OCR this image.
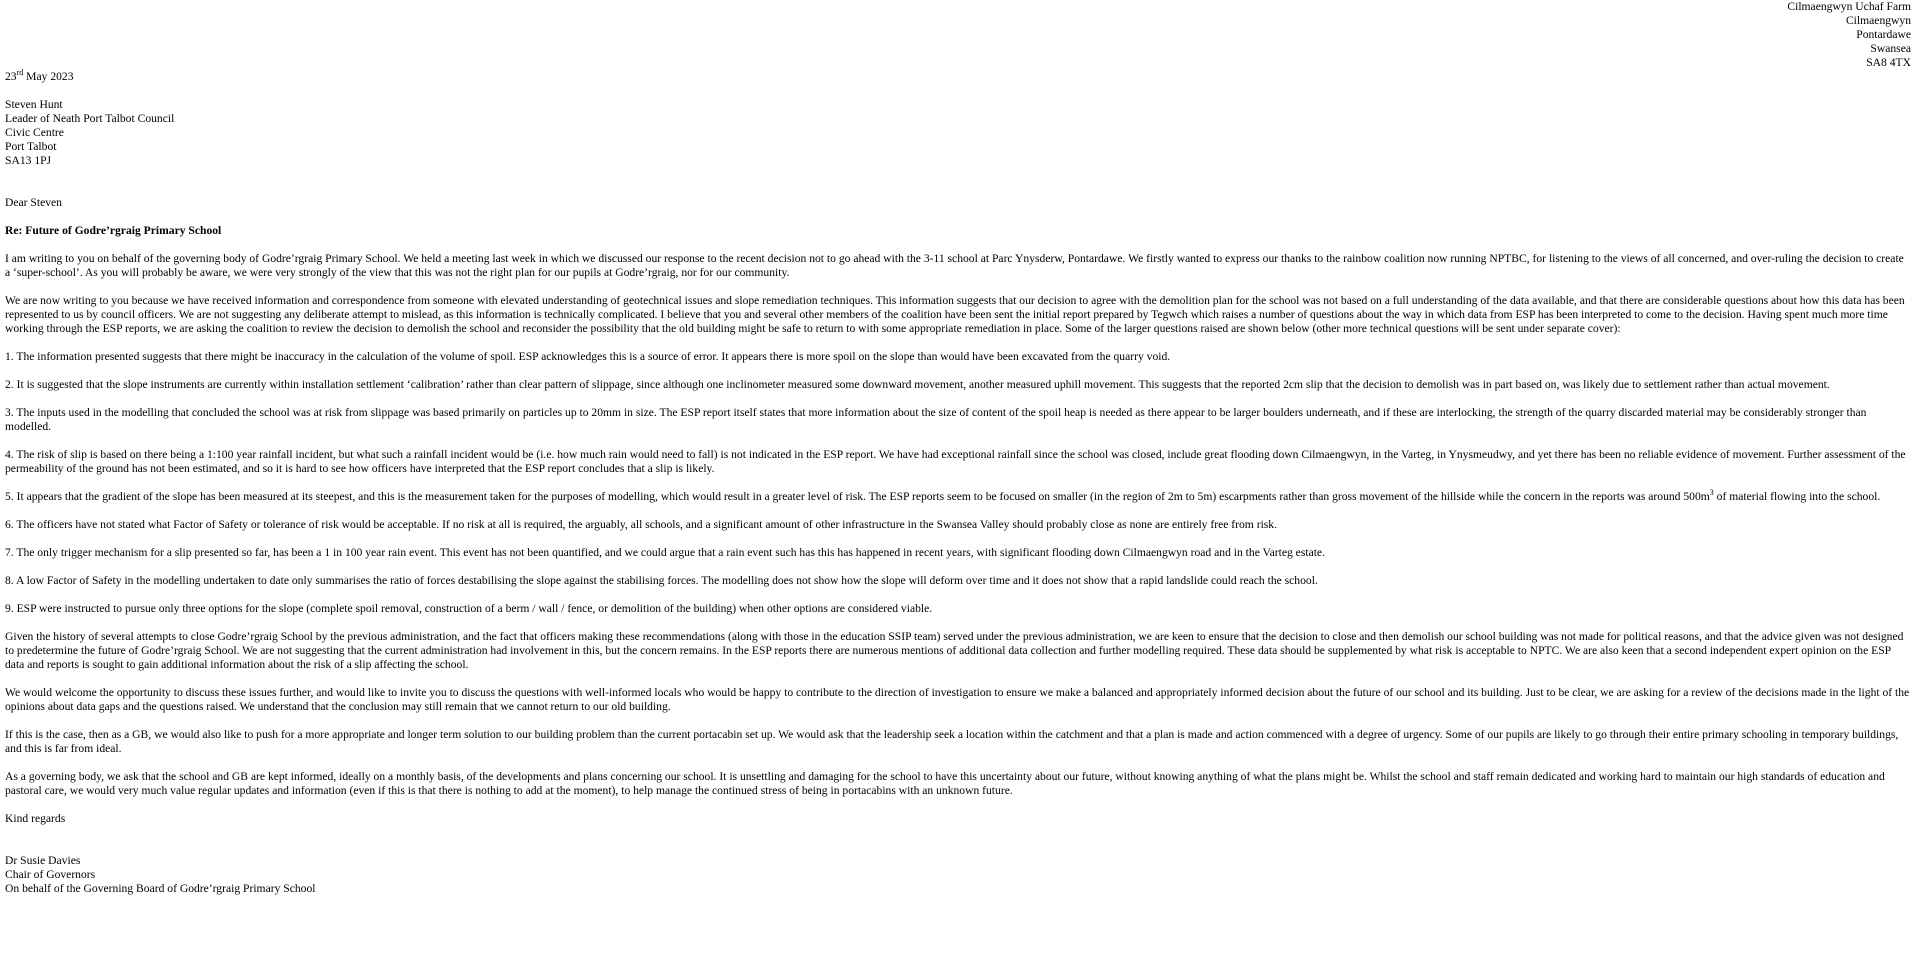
Cilmaengwyn Uchaf Farm
Cilmaengwyn
Pontardawe
Swansea
SA8 4TX
23rd May 2023
Steven Hunt
Leader of Neath Port Talbot Council
Civic Centre
Port Talbot
SA13 1PJ
Dear Steven
Re: Future of Godre’rgraig Primary School

I am writing to you on behalf of the governing body of Godre’rgraig Primary School. We held a meeting last week in which we discussed our response to the recent decision not to go ahead with the 3-11 school at Parc Ynysderw, Pontardawe. We firstly wanted to express our thanks to the rainbow coalition now running NPTBC, for listening to the views of all concerned, and over-ruling the decision to create a ‘super-school’. As you will probably be aware, we were very strongly of the view that this was not the right plan for our pupils at Godre’rgraig, nor for our community.

We are now writing to you because we have received information and correspondence from someone with elevated understanding of geotechnical issues and slope remediation techniques. This information suggests that our decision to agree with the demolition plan for the school was not based on a full understanding of the data available, and that there are considerable questions about how this data has been represented to us by council officers. We are not suggesting any deliberate attempt to mislead, as this information is technically complicated. I believe that you and several other members of the coalition have been sent the initial report prepared by Tegwch which raises a number of questions about the way in which data from ESP has been interpreted to come to the decision. Having spent much more time working through the ESP reports, we are asking the coalition to review the decision to demolish the school and reconsider the possibility that the old building might be safe to return to with some appropriate remediation in place. Some of the larger questions raised are shown below (other more technical questions will be sent under separate cover):

1. The information presented suggests that there might be inaccuracy in the calculation of the volume of spoil. ESP acknowledges this is a source of error. It appears there is more spoil on the slope than would have been excavated from the quarry void.

2. It is suggested that the slope instruments are currently within installation settlement ‘calibration’ rather than clear pattern of slippage, since although one inclinometer measured some downward movement, another measured uphill movement. This suggests that the reported 2cm slip that the decision to demolish was in part based on, was likely due to settlement rather than actual movement.

3. The inputs used in the modelling that concluded the school was at risk from slippage was based primarily on particles up to 20mm in size. The ESP report itself states that more information about the size of content of the spoil heap is needed as there appear to be larger boulders underneath, and if these are interlocking, the strength of the quarry discarded material may be considerably stronger than modelled.

4. The risk of slip is based on there being a 1:100 year rainfall incident, but what such a rainfall incident would be (i.e. how much rain would need to fall) is not indicated in the ESP report. We have had exceptional rainfall since the school was closed, include great flooding down Cilmaengwyn, in the Varteg, in Ynysmeudwy, and yet there has been no reliable evidence of movement. Further assessment of the permeability of the ground has not been estimated, and so it is hard to see how officers have interpreted that the ESP report concludes that a slip is likely.

5. It appears that the gradient of the slope has been measured at its steepest, and this is the measurement taken for the purposes of modelling, which would result in a greater level of risk. The ESP reports seem to be focused on smaller (in the region of 2m to 5m) escarpments rather than gross movement of the hillside while the concern in the reports was around $500m^3$ of material flowing into the school.

6. The officers have not stated what Factor of Safety or tolerance of risk would be acceptable. If no risk at all is required, the arguably, all schools, and a significant amount of other infrastructure in the Swansea Valley should probably close as none are entirely free from risk.

7. The only trigger mechanism for a slip presented so far, has been a 1 in 100 year rain event. This event has not been quantified, and we could argue that a rain event such has this has happened in recent years, with significant flooding down Cilmaengwyn road and in the Varteg estate.

8. A low Factor of Safety in the modelling undertaken to date only summarises the ratio of forces destabilising the slope against the stabilising forces. The modelling does not show how the slope will deform over time and it does not show that a rapid landslide could reach the school.

9. ESP were instructed to pursue only three options for the slope (complete spoil removal, construction of a berm / wall / fence, or demolition of the building) when other options are considered viable.

Given the history of several attempts to close Godre’rgraig School by the previous administration, and the fact that officers making these recommendations (along with those in the education SSIP team) served under the previous administration, we are keen to ensure that the decision to close and then demolish our school building was not made for political reasons, and that the advice given was not designed to predetermine the future of Godre’rgraig School. We are not suggesting that the current administration had involvement in this, but the concern remains. In the ESP reports there are numerous mentions of additional data collection and further modelling required. These data should be supplemented by what risk is acceptable to NPTC. We are also keen that a second independent expert opinion on the ESP data and reports is sought to gain additional information about the risk of a slip affecting the school.

We would welcome the opportunity to discuss these issues further, and would like to invite you to discuss the questions with well-informed locals who would be happy to contribute to the direction of investigation to ensure we make a balanced and appropriately informed decision about the future of our school and its building. Just to be clear, we are asking for a review of the decisions made in the light of the opinions about data gaps and the questions raised. We understand that the conclusion may still remain that we cannot return to our old building.

If this is the case, then as a GB, we would also like to push for a more appropriate and longer term solution to our building problem than the current portacabin set up. We would ask that the leadership seek a location within the catchment and that a plan is made and action commenced with a degree of urgency. Some of our pupils are likely to go through their entire primary schooling in temporary buildings, and this is far from ideal.

As a governing body, we ask that the school and GB are kept informed, ideally on a monthly basis, of the developments and plans concerning our school. It is unsettling and damaging for the school to have this uncertainty about our future, without knowing anything of what the plans might be. Whilst the school and staff remain dedicated and working hard to maintain our high standards of education and pastoral care, we would very much value regular updates and information (even if this is that there is nothing to add at the moment), to help manage the continued stress of being in portacabins with an unknown future.

Kind regards
Dr Susie Davies
Chair of Governors
On behalf of the Governing Board of Godre’rgraig Primary School
